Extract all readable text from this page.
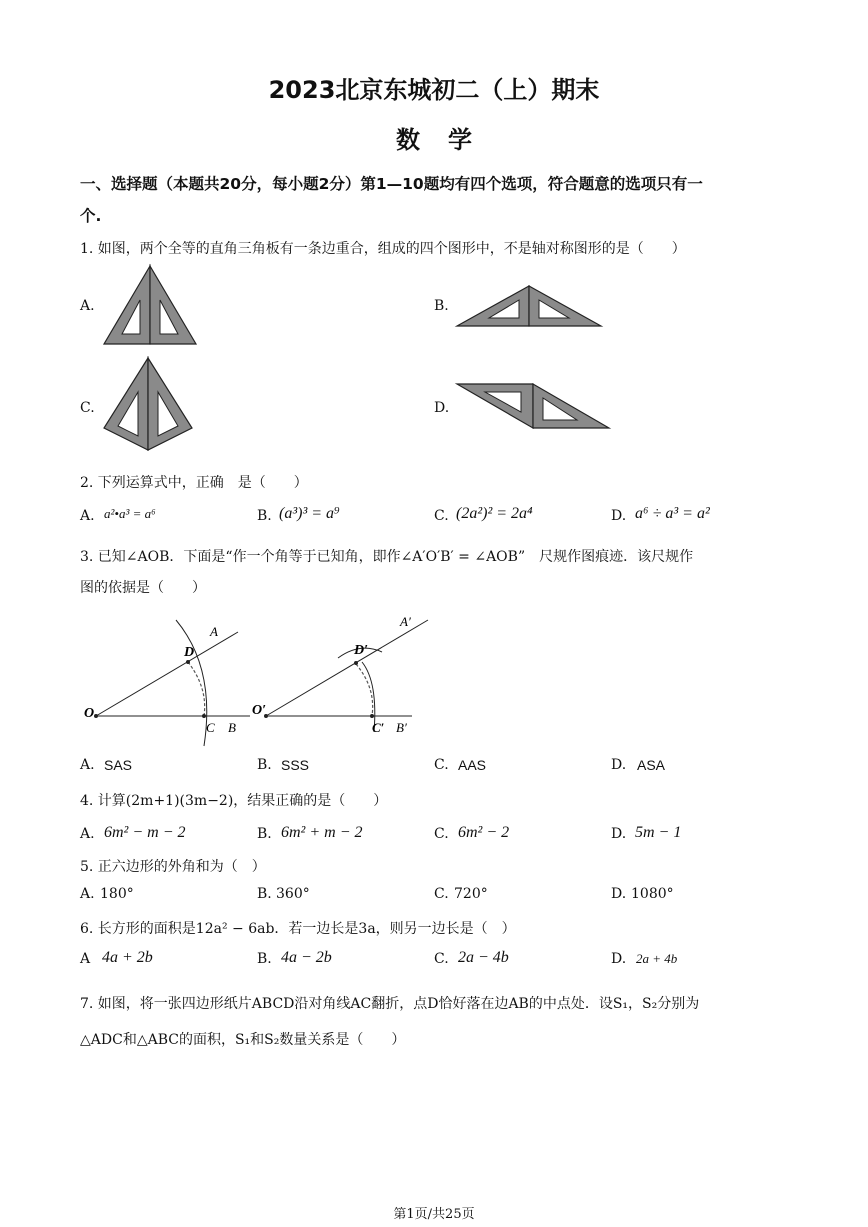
2023北京东城初二（上）期末
数学
一、选择题（本题共20分，每小题2分）第1—10题均有四个选项，符合题意的选项只有一
个.
1. 如图，两个全等的直角三角板有一条边重合，组成的四个图形中，不是轴对称图形的是（　　）
A.	B.
C.	D.
2. 下列运算式中，正确　是（　　）
A. a²•a³ = a⁶	B. (a³)³ = a⁹	C. (2a²)² = 2a⁴	D. a⁶ ÷ a³ = a²
3. 已知∠AOB．下面是“作一个角等于已知角，即作∠A′O′B′ = ∠AOB”　尺规作图痕迹．该尺规作
图的依据是（　　）
O
A
D
C B
O′
A′
D′
C′ B′
A. SAS	B. SSS	C. AAS	D. ASA
4. 计算(2m+1)(3m−2)，结果正确的是（　　）
A. 6m² − m − 2	B. 6m² + m − 2	C. 6m² − 2	D. 5m − 1
5. 正六边形的外角和为（　）
A. 180°	B. 360°	C. 720°	D. 1080°
6. 长方形的面积是12a² − 6ab．若一边长是3a，则另一边长是（　）
A 4a + 2b	B. 4a − 2b	C. 2a − 4b	D. 2a + 4b
7. 如图，将一张四边形纸片ABCD沿对角线AC翻折，点D恰好落在边AB的中点处．设S₁，S₂分别为
△ADC和△ABC的面积，S₁和S₂数量关系是（　　）
第1页/共25页
